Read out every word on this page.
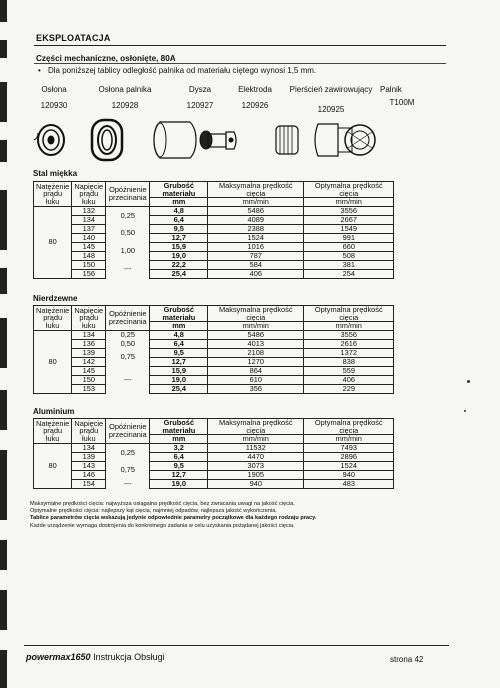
EKSPLOATACJA
Części mechaniczne, osłonięte, 80A
• Dla poniższej tablicy odległość palnika od materiału ciętego wynosi 1,5 mm.
Osłona	Osłona palnika	Dysza	Elektroda	Pierścień zawirowujący Palnik
120930	120928	120927	120926	120925
T100M
Stal miękka
Natężenie prądu łuku	Napięcie prądu łuku	Opóźnienie przecinania	Grubość materiału	Maksymalna prędkość cięcia	Optymalna prędkość cięcia
			mm	mm/min	mm/min
80	132	0,25	4,8	5486	3556
	134		6,4	4089	2667
	137	0,50	9,5	2388	1549
	140		12,7	1524	991
	145	1,00	15,9	1016	660
	148		19,0	787	508
	150	---	22,2	584	381
	156		25,4	406	254
Nierdzewne
Natężenie prądu łuku	Napięcie prądu łuku	Opóźnienie przecinania	Grubość materiału	Maksymalna prędkość cięcia	Optymalna prędkość cięcia
			mm	mm/min	mm/min
80	134	0,25	4,8	5486	3556
	136	0,50	6,4	4013	2616
	139	0,75	9,5	2108	1372
	142		12,7	1270	838
	145	---	15,9	864	559
	150		19,0	610	406
	153		25,4	356	229
Aluminium
Natężenie prądu łuku	Napięcie prądu łuku	Opóźnienie przecinania	Grubość materiału	Maksymalna prędkość cięcia	Optymalna prędkość cięcia
			mm	mm/min	mm/min
80	134	0,25	3,2	11532	7493
	139		6,4	4470	2896
	143	0,75	9,5	3073	1524
	146		12,7	1905	940
	154	---	19,0	940	483
Maksymalne prędkości cięcia: najwyższa osiągalna prędkość cięcia, bez zwracania uwagi na jakość cięcia.
Optymalne prędkości cięcia: najlepszy kąt cięcia, najmniej odpadów, najlepsza jakość wykończenia.
Tablice parametrów cięcia wskazują jedynie odpowiednie parametry początkowe dla każdego rodzaju pracy.
Każde urządzenie wymaga dostrojenia do konkretnego zadania w celu uzyskania pożądanej jakości cięcia.
powermax1650 Instrukcja Obsługi	strona 42
